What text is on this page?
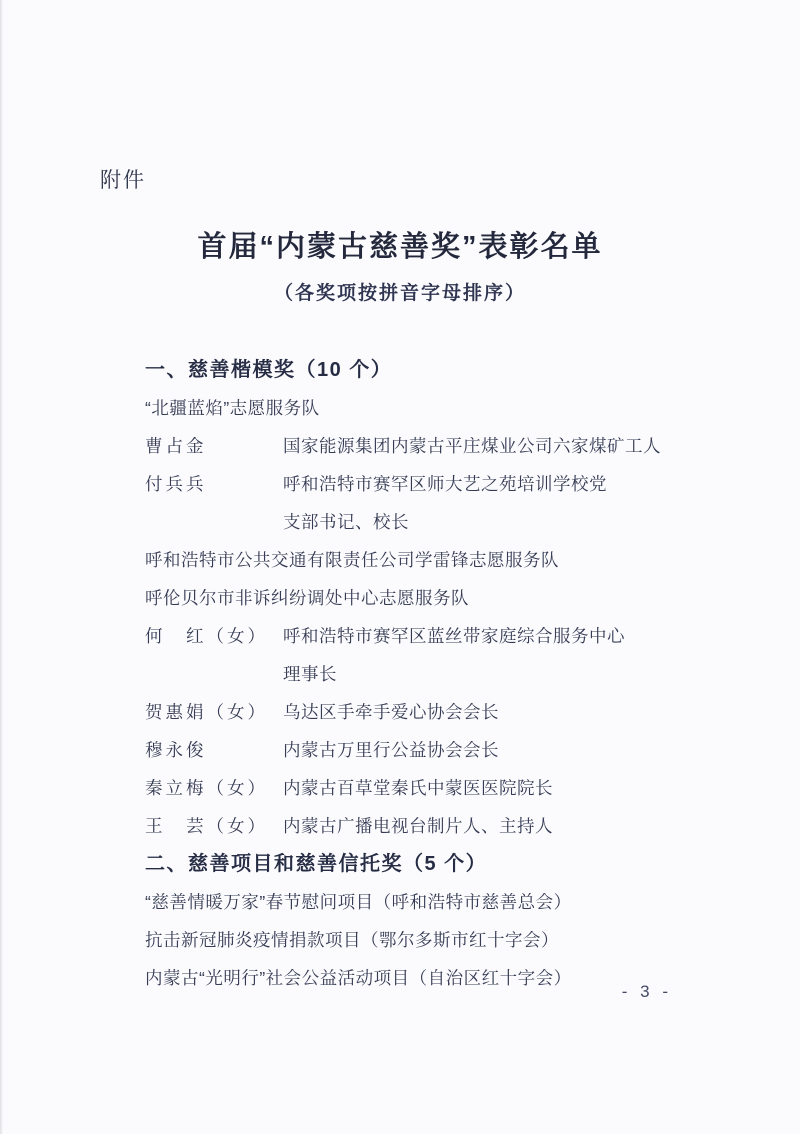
附件
首届“内蒙古慈善奖”表彰名单
（各奖项按拼音字母排序）
一、慈善楷模奖（10 个）
“北疆蓝焰”志愿服务队
曹占金	国家能源集团内蒙古平庄煤业公司六家煤矿工人
付兵兵	呼和浩特市赛罕区师大艺之苑培训学校党
支部书记、校长
呼和浩特市公共交通有限责任公司学雷锋志愿服务队
呼伦贝尔市非诉纠纷调处中心志愿服务队
何　红（女） 呼和浩特市赛罕区蓝丝带家庭综合服务中心
理事长
贺惠娟（女） 乌达区手牵手爱心协会会长
穆永俊	内蒙古万里行公益协会会长
秦立梅（女） 内蒙古百草堂秦氏中蒙医医院院长
王　芸（女） 内蒙古广播电视台制片人、主持人
二、慈善项目和慈善信托奖（5 个）
“慈善情暖万家”春节慰问项目（呼和浩特市慈善总会）
抗击新冠肺炎疫情捐款项目（鄂尔多斯市红十字会）
内蒙古“光明行”社会公益活动项目（自治区红十字会）
- 3 -
